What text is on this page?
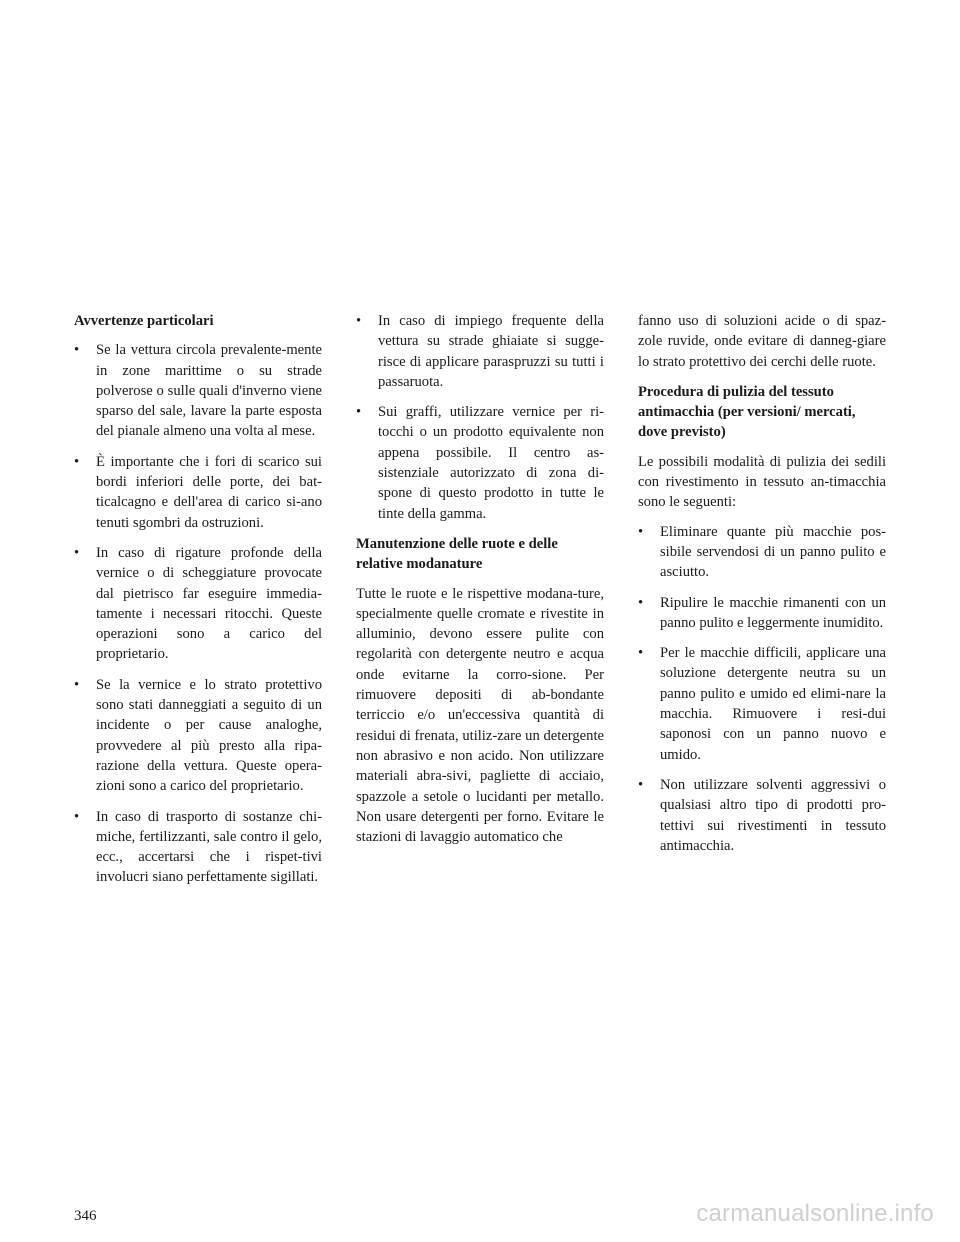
Avvertenze particolari
• Se la vettura circola prevalente-mente in zone marittime o su strade polverose o sulle quali d'inverno viene sparso del sale, lavare la parte esposta del pianale almeno una volta al mese.
• È importante che i fori di scarico sui bordi inferiori delle porte, dei bat-ticalcagno e dell'area di carico si-ano tenuti sgombri da ostruzioni.
• In caso di rigature profonde della vernice o di scheggiature provocate dal pietrisco far eseguire immedia-tamente i necessari ritocchi. Queste operazioni sono a carico del proprietario.
• Se la vernice e lo strato protettivo sono stati danneggiati a seguito di un incidente o per cause analoghe, provvedere al più presto alla ripa-razione della vettura. Queste opera-zioni sono a carico del proprietario.
• In caso di trasporto di sostanze chi-miche, fertilizzanti, sale contro il gelo, ecc., accertarsi che i rispet-tivi involucri siano perfettamente sigillati.
• In caso di impiego frequente della vettura su strade ghiaiate si sugge-risce di applicare paraspruzzi su tutti i passaruota.
• Sui graffi, utilizzare vernice per ri-tocchi o un prodotto equivalente non appena possibile. Il centro as-sistenziale autorizzato di zona di-spone di questo prodotto in tutte le tinte della gamma.
Manutenzione delle ruote e delle relative modanature

Tutte le ruote e le rispettive modana-ture, specialmente quelle cromate e rivestite in alluminio, devono essere pulite con regolarità con detergente neutro e acqua onde evitarne la corro-sione. Per rimuovere depositi di ab-bondante terriccio e/o un'eccessiva quantità di residui di frenata, utiliz-zare un detergente non abrasivo e non acido. Non utilizzare materiali abra-sivi, pagliette di acciaio, spazzole a setole o lucidanti per metallo. Non usare detergenti per forno. Evitare le stazioni di lavaggio automatico che

fanno uso di soluzioni acide o di spaz-zole ruvide, onde evitare di danneg-giare lo strato protettivo dei cerchi delle ruote.

Procedura di pulizia del tessuto antimacchia (per versioni/ mercati, dove previsto)

Le possibili modalità di pulizia dei sedili con rivestimento in tessuto an-timacchia sono le seguenti:

• Eliminare quante più macchie pos-sibile servendosi di un panno pulito e asciutto.
• Ripulire le macchie rimanenti con un panno pulito e leggermente inumidito.
• Per le macchie difficili, applicare una soluzione detergente neutra su un panno pulito e umido ed elimi-nare la macchia. Rimuovere i resi-dui saponosi con un panno nuovo e umido.
• Non utilizzare solventi aggressivi o qualsiasi altro tipo di prodotti pro-tettivi sui rivestimenti in tessuto antimacchia.
346	carmanualsonline.info
